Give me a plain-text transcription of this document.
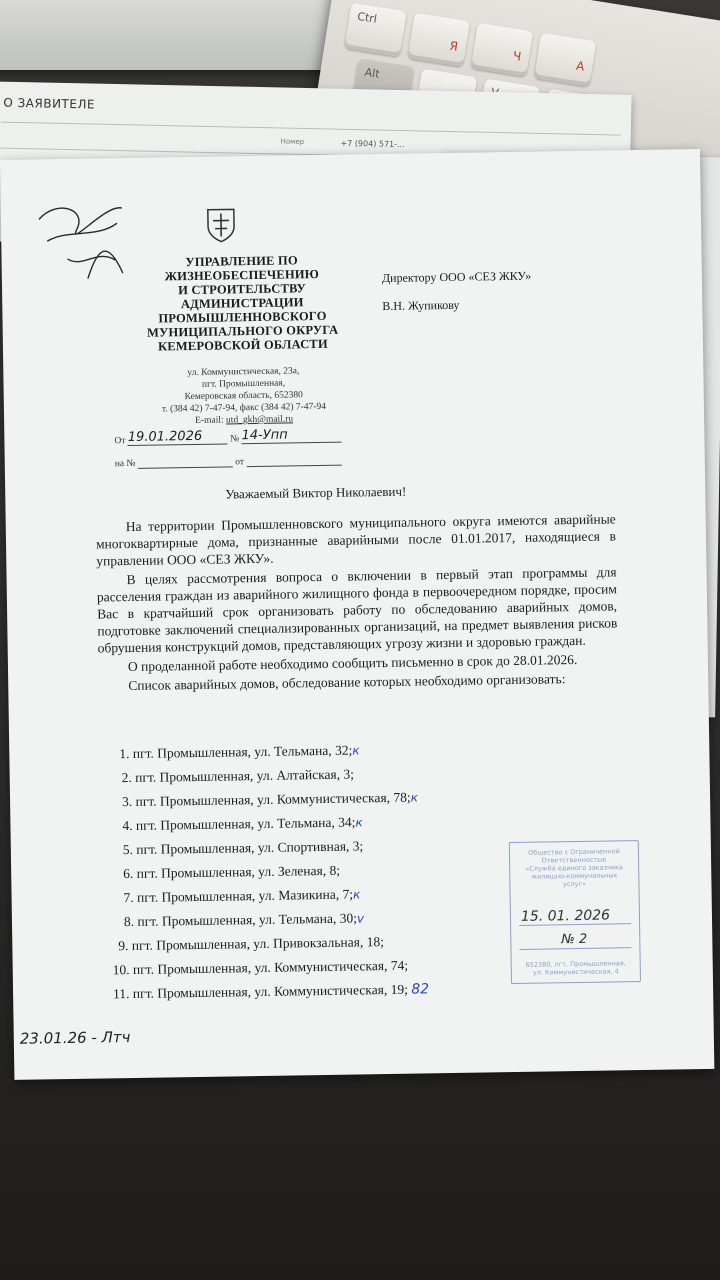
Ctrl
Я
Ч
А
Alt
О ЗАЯВИТЕЛЕ
Номер	+7 (904) 571-...
УПРАВЛЕНИЕ ПО
ЖИЗНЕОБЕСПЕЧЕНИЮ
И СТРОИТЕЛЬСТВУ
АДМИНИСТРАЦИИ
ПРОМЫШЛЕННОВСКОГО
МУНИЦИПАЛЬНОГО ОКРУГА
КЕМЕРОВСКОЙ ОБЛАСТИ
ул. Коммунистическая, 23а,
пгт. Промышленная,
Кемеровская область, 652380
т. (384 42) 7-47-94, факс (384 42) 7-47-94
E-mail: utd_gkh@mail.ru
От 19.01.2026	№ 14-Упп
на №	от
Директору ООО «СЕЗ ЖКУ»
В.Н. Жупикову
Уважаемый Виктор Николаевич!

На территории Промышленновского муниципального округа имеются аварийные многоквартирные дома, признанные аварийными после 01.01.2017, находящиеся в управлении ООО «СЕЗ ЖКУ».

В целях рассмотрения вопроса о включении в первый этап программы для расселения граждан из аварийного жилищного фонда в первоочередном порядке, просим Вас в кратчайший срок организовать работу по обследованию аварийных домов, подготовке заключений специализированных организаций, на предмет выявления рисков обрушения конструкций домов, представляющих угрозу жизни и здоровью граждан.

О проделанной работе необходимо сообщить письменно в срок до 28.01.2026.

Список аварийных домов, обследование которых необходимо организовать:

1. пгт. Промышленная, ул. Тельмана, 32;к
2. пгт. Промышленная, ул. Алтайская, 3;
3. пгт. Промышленная, ул. Коммунистическая, 78;к
4. пгт. Промышленная, ул. Тельмана, 34;к
5. пгт. Промышленная, ул. Спортивная, 3;
6. пгт. Промышленная, ул. Зеленая, 8;
7. пгт. Промышленная, ул. Мазикина, 7;к
8. пгт. Промышленная, ул. Тельмана, 30;v
9. пгт. Промышленная, ул. Привокзальная, 18;
10. пгт. Промышленная, ул. Коммунистическая, 74;
11. пгт. Промышленная, ул. Коммунистическая, 19; 82
Общество с Ограниченной
Ответственностью
«Служба единого заказчика
жилищно-коммунальных
услуг»
15. 01. 2026
№ 2
652380, пгт. Промышленная,
ул. Коммунистическая, 4
23.01.26 - Лтч
